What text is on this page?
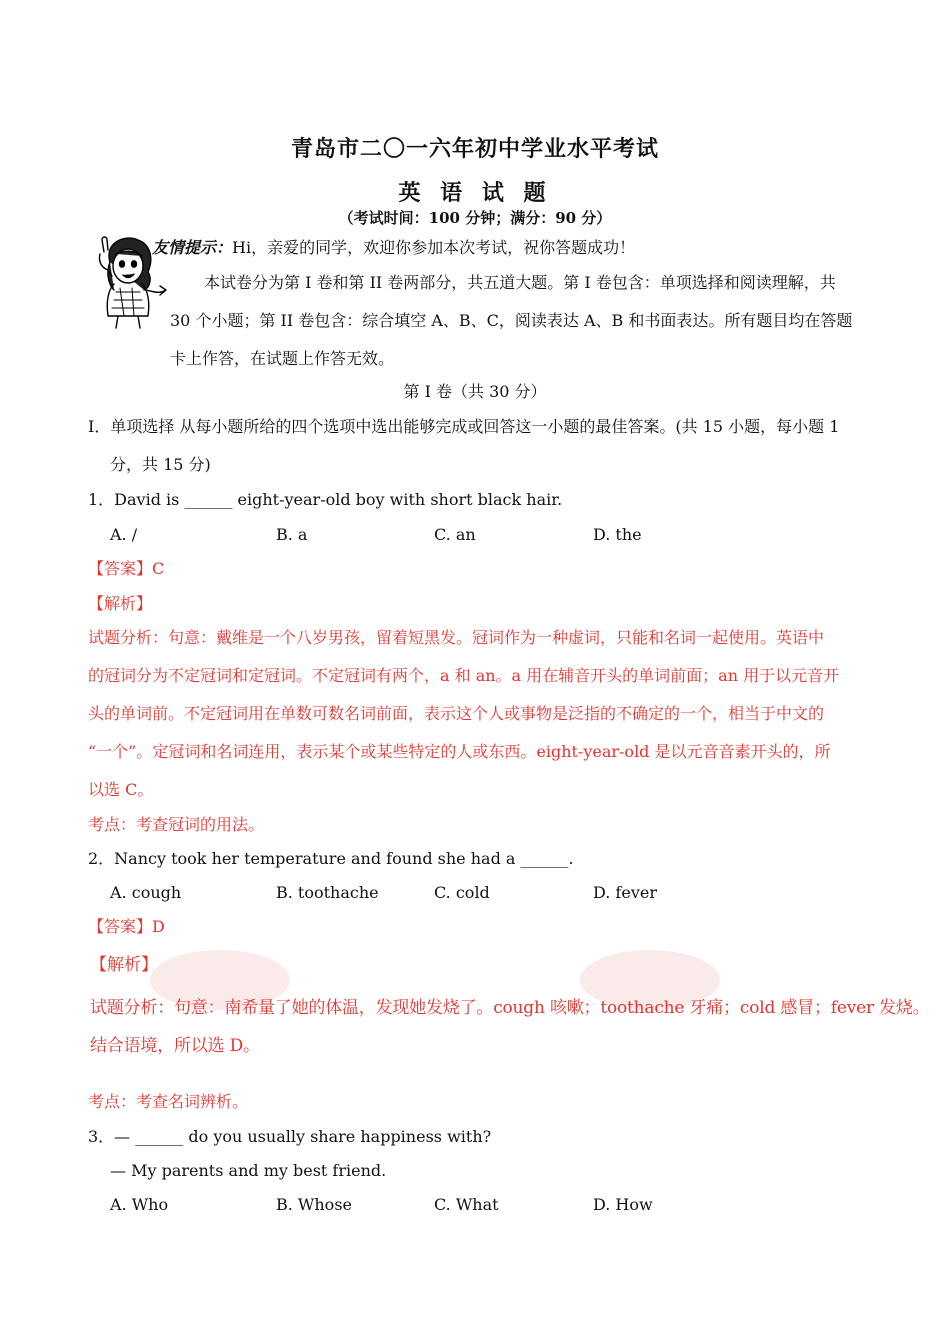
青岛市二〇一六年初中学业水平考试
英 语 试 题
（考试时间：100 分钟；满分：90 分）
友情提示：Hi，亲爱的同学，欢迎你参加本次考试，祝你答题成功！
本试卷分为第 I 卷和第 II 卷两部分，共五道大题。第 I 卷包含：单项选择和阅读理解，共
30 个小题；第 II 卷包含：综合填空 A、B、C，阅读表达 A、B 和书面表达。所有题目均在答题
卡上作答，在试题上作答无效。
第 I 卷（共 30 分）
I．单项选择 从每小题所给的四个选项中选出能够完成或回答这一小题的最佳答案。(共 15 小题，每小题 1
分，共 15 分)
1．David is ______ eight-year-old boy with short black hair.
A. /	B. a	C. an	D. the
【答案】C
【解析】
试题分析：句意：戴维是一个八岁男孩，留着短黑发。冠词作为一种虚词，只能和名词一起使用。英语中
的冠词分为不定冠词和定冠词。不定冠词有两个，a 和 an。a 用在辅音开头的单词前面；an 用于以元音开
头的单词前。不定冠词用在单数可数名词前面，表示这个人或事物是泛指的不确定的一个，相当于中文的
“一个”。定冠词和名词连用，表示某个或某些特定的人或东西。eight-year-old 是以元音音素开头的，所
以选 C。
考点：考查冠词的用法。
2．Nancy took her temperature and found she had a ______.
A. cough	B. toothache	C. cold	D. fever
【答案】D
【解析】
试题分析：句意：南希量了她的体温，发现她发烧了。cough 咳嗽；toothache 牙痛；cold 感冒；fever 发烧。
结合语境，所以选 D。
考点：考查名词辨析。
3．— ______ do you usually share happiness with?
— My parents and my best friend.
A. Who	B. Whose	C. What	D. How
